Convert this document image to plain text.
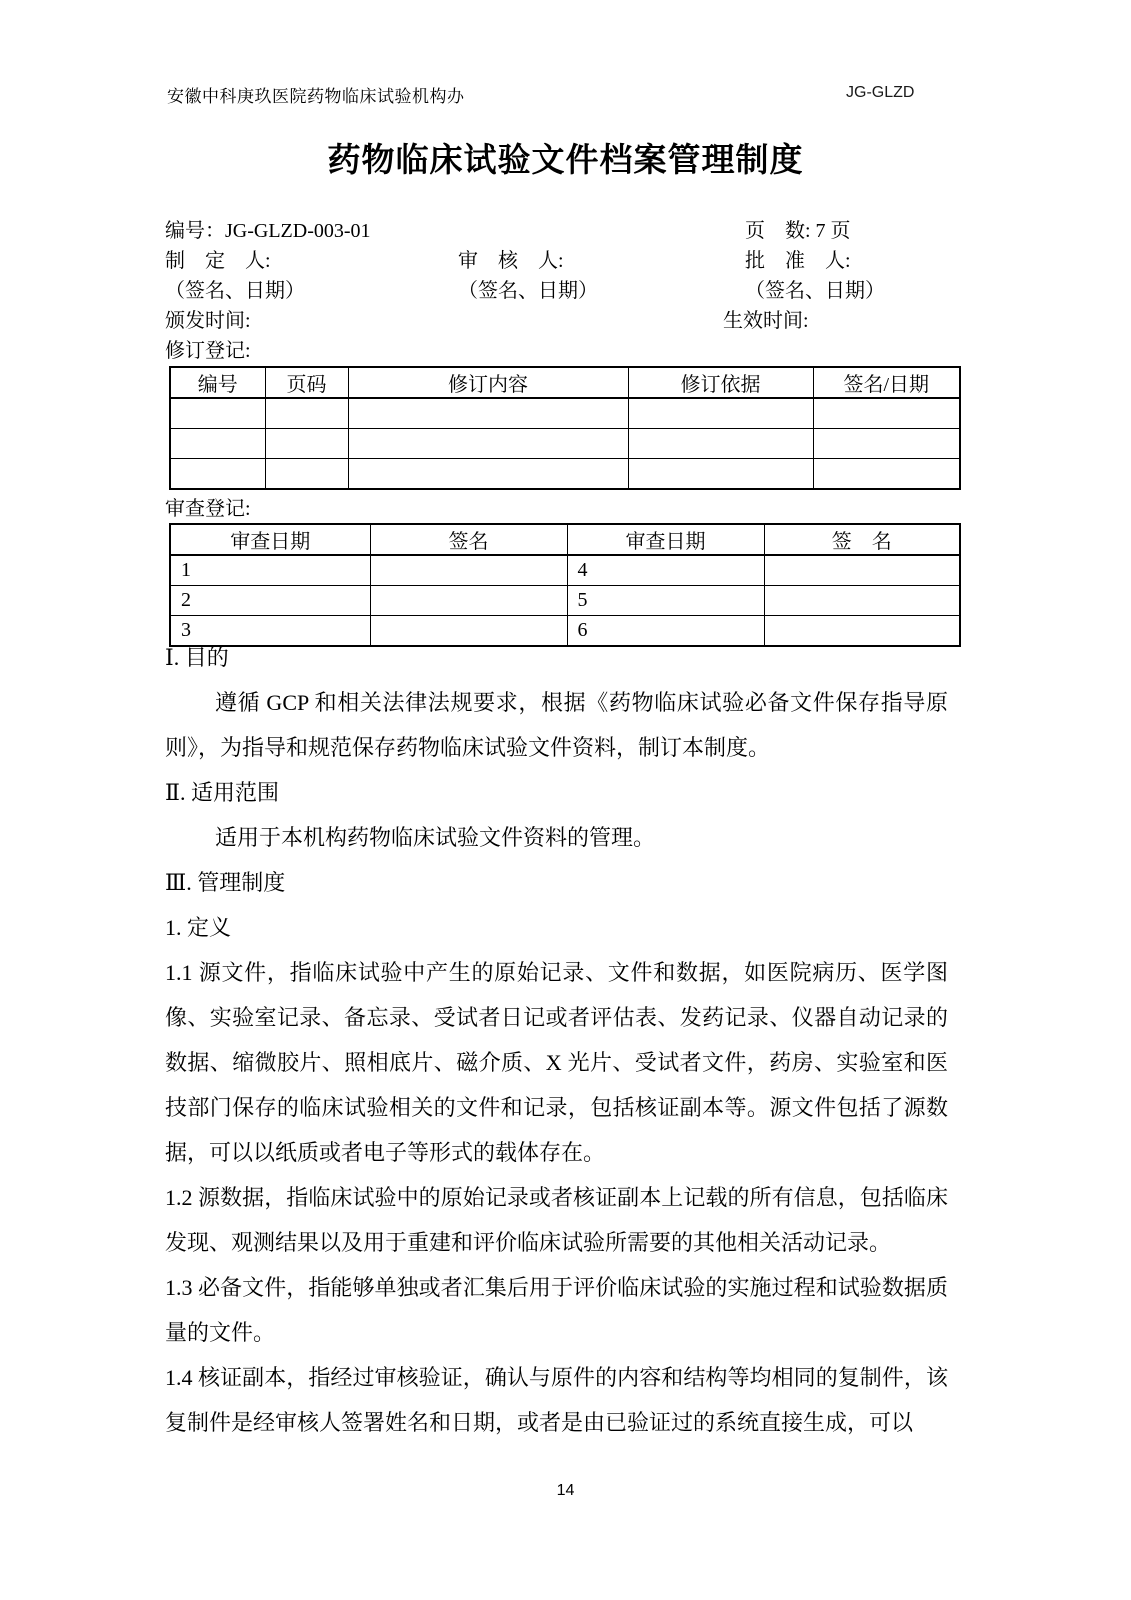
安徽中科庚玖医院药物临床试验机构办	JG-GLZD
药物临床试验文件档案管理制度
编号：JG-GLZD-003-01	页　数: 7 页
制　定　人:	审　核　人:	批　准　人:
（签名、日期）	（签名、日期）	（签名、日期）
颁发时间:	生效时间:
修订登记:
编号	页码	修订内容	修订依据	签名/日期

审查登记:
审查日期	签名	审查日期	签　名
1		4	
2		5	
3		6	

Ⅰ. 目的

遵循 GCP 和相关法律法规要求，根据《药物临床试验必备文件保存指导原则》，为指导和规范保存药物临床试验文件资料，制订本制度。

Ⅱ. 适用范围

适用于本机构药物临床试验文件资料的管理。

Ⅲ. 管理制度

1. 定义

1.1 源文件，指临床试验中产生的原始记录、文件和数据，如医院病历、医学图像、实验室记录、备忘录、受试者日记或者评估表、发药记录、仪器自动记录的数据、缩微胶片、照相底片、磁介质、X 光片、受试者文件，药房、实验室和医技部门保存的临床试验相关的文件和记录，包括核证副本等。源文件包括了源数据，可以以纸质或者电子等形式的载体存在。

1.2 源数据，指临床试验中的原始记录或者核证副本上记载的所有信息，包括临床发现、观测结果以及用于重建和评价临床试验所需要的其他相关活动记录。

1.3 必备文件，指能够单独或者汇集后用于评价临床试验的实施过程和试验数据质量的文件。

1.4 核证副本，指经过审核验证，确认与原件的内容和结构等均相同的复制件，该复制件是经审核人签署姓名和日期，或者是由已验证过的系统直接生成，可以

14
